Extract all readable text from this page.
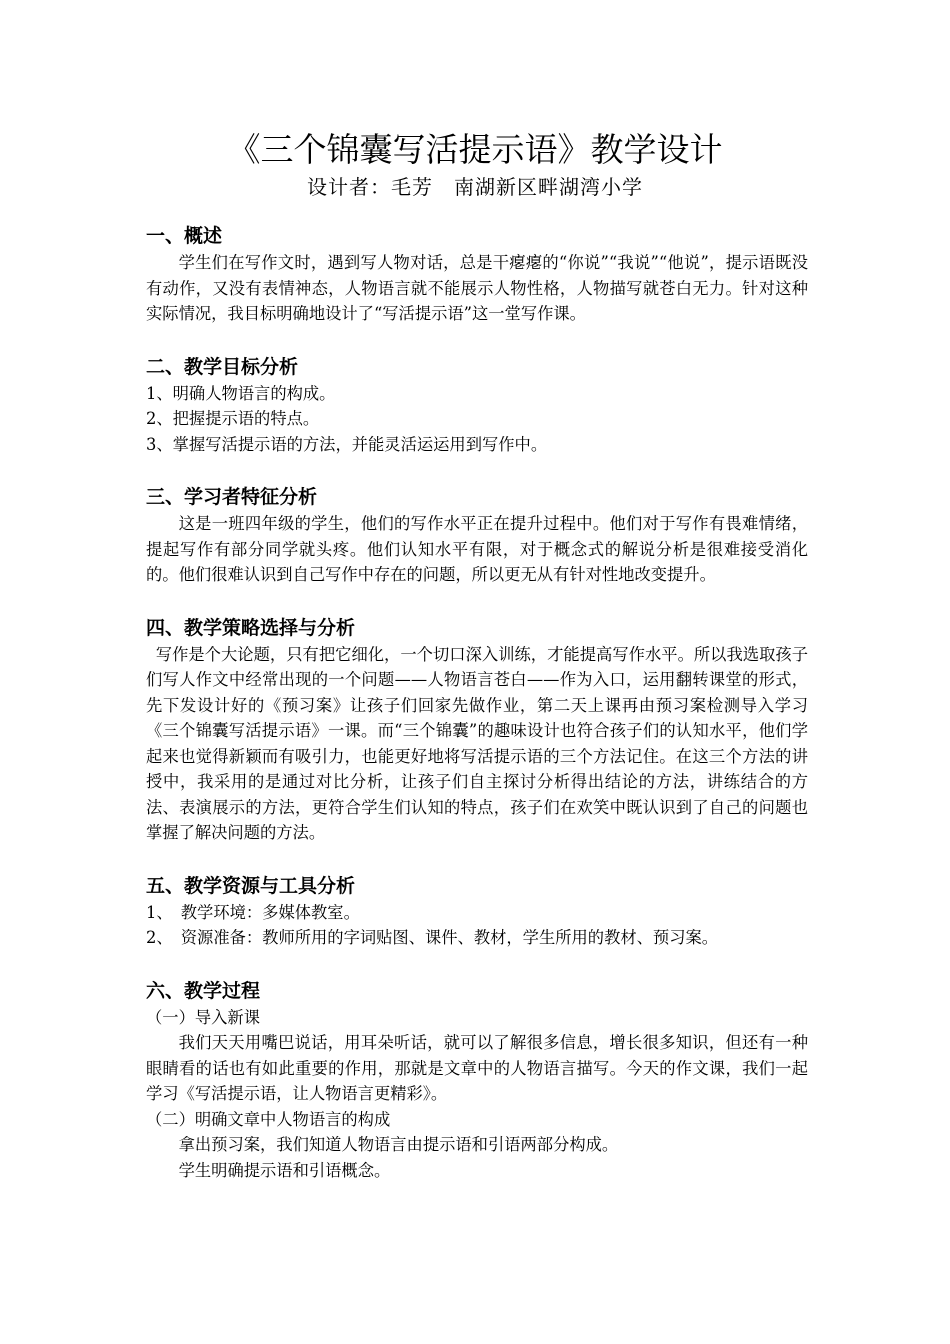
《三个锦囊写活提示语》教学设计
设计者：毛芳　南湖新区畔湖湾小学

一、概述

学生们在写作文时，遇到写人物对话，总是干瘪瘪的“你说”“我说”“他说”，提示语既没有动作，又没有表情神态，人物语言就不能展示人物性格，人物描写就苍白无力。针对这种实际情况，我目标明确地设计了“写活提示语”这一堂写作课。

二、教学目标分析

1、明确人物语言的构成。

2、把握提示语的特点。

3、掌握写活提示语的方法，并能灵活运运用到写作中。

三、学习者特征分析

这是一班四年级的学生，他们的写作水平正在提升过程中。他们对于写作有畏难情绪，提起写作有部分同学就头疼。他们认知水平有限，对于概念式的解说分析是很难接受消化的。他们很难认识到自己写作中存在的问题，所以更无从有针对性地改变提升。

四、教学策略选择与分析

写作是个大论题，只有把它细化，一个切口深入训练，才能提高写作水平。所以我选取孩子们写人作文中经常出现的一个问题——人物语言苍白——作为入口，运用翻转课堂的形式，先下发设计好的《预习案》让孩子们回家先做作业，第二天上课再由预习案检测导入学习《三个锦囊写活提示语》一课。而“三个锦囊”的趣味设计也符合孩子们的认知水平，他们学起来也觉得新颖而有吸引力，也能更好地将写活提示语的三个方法记住。在这三个方法的讲授中，我采用的是通过对比分析，让孩子们自主探讨分析得出结论的方法，讲练结合的方法、表演展示的方法，更符合学生们认知的特点，孩子们在欢笑中既认识到了自己的问题也掌握了解决问题的方法。

五、教学资源与工具分析

1、　教学环境：多媒体教室。

2、　资源准备：教师所用的字词贴图、课件、教材，学生所用的教材、预习案。

六、教学过程

（一）导入新课

我们天天用嘴巴说话，用耳朵听话，就可以了解很多信息，增长很多知识，但还有一种眼睛看的话也有如此重要的作用，那就是文章中的人物语言描写。今天的作文课，我们一起学习《写活提示语，让人物语言更精彩》。

（二）明确文章中人物语言的构成

拿出预习案，我们知道人物语言由提示语和引语两部分构成。

学生明确提示语和引语概念。
